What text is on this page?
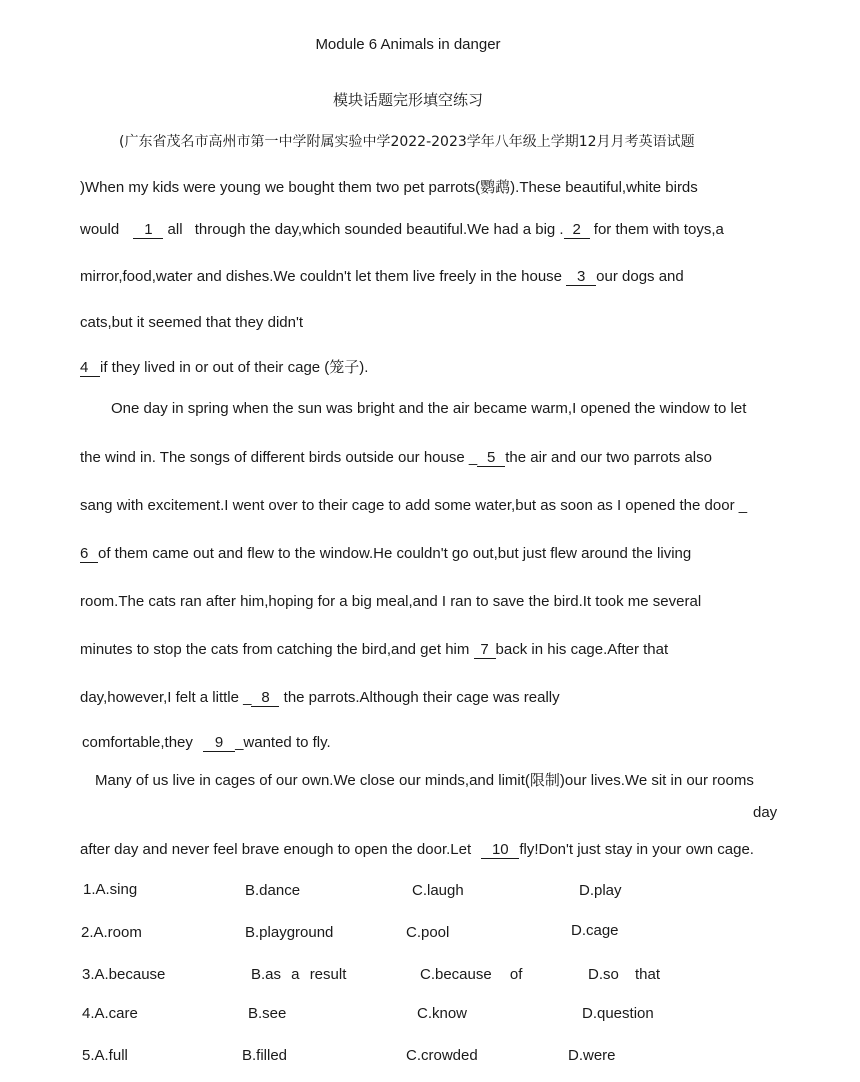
Module 6 Animals in danger
模块话题完形填空练习
(广东省茂名市高州市第一中学附属实验中学2022-2023学年八年级上学期12月月考英语试题
)When my kids were young we bought them two pet parrots(鹦鹉).These beautiful,white birds
would 1 all through the day,which sounded beautiful.We had a big . 2 for them with toys,a
mirror,food,water and dishes.We couldn't let them live freely in the house 3 our dogs and
cats,but it seemed that they didn't
4 if they lived in or out of their cage (笼子).
One day in spring when the sun was bright and the air became warm,I opened the window to let
the wind in. The songs of different birds outside our house _ 5 the air and our two parrots also
sang with excitement.I went over to their cage to add some water,but as soon as I opened the door _
6 of them came out and flew to the window.He couldn't go out,but just flew around the living
room.The cats ran after him,hoping for a big meal,and I ran to save the bird.It took me several
minutes to stop the cats from catching the bird,and get him 7 back in his cage.After that
day,however,I felt a little _ 8 the parrots.Although their cage was really
comfortable,they 9 _wanted to fly.
Many of us live in cages of our own.We close our minds,and limit(限制)our lives.We sit in our rooms
day
after day and never feel brave enough to open the door.Let 10 fly!Don't just stay in your own cage.
1.A.sing	B.dance	C.laugh	D.play
2.A.room	B.playground	C.pool	D.cage
3.A.because	B.as a result	C.because of	D.so that
4.A.care	B.see	C.know	D.question
5.A.full	B.filled	C.crowded	D.were
